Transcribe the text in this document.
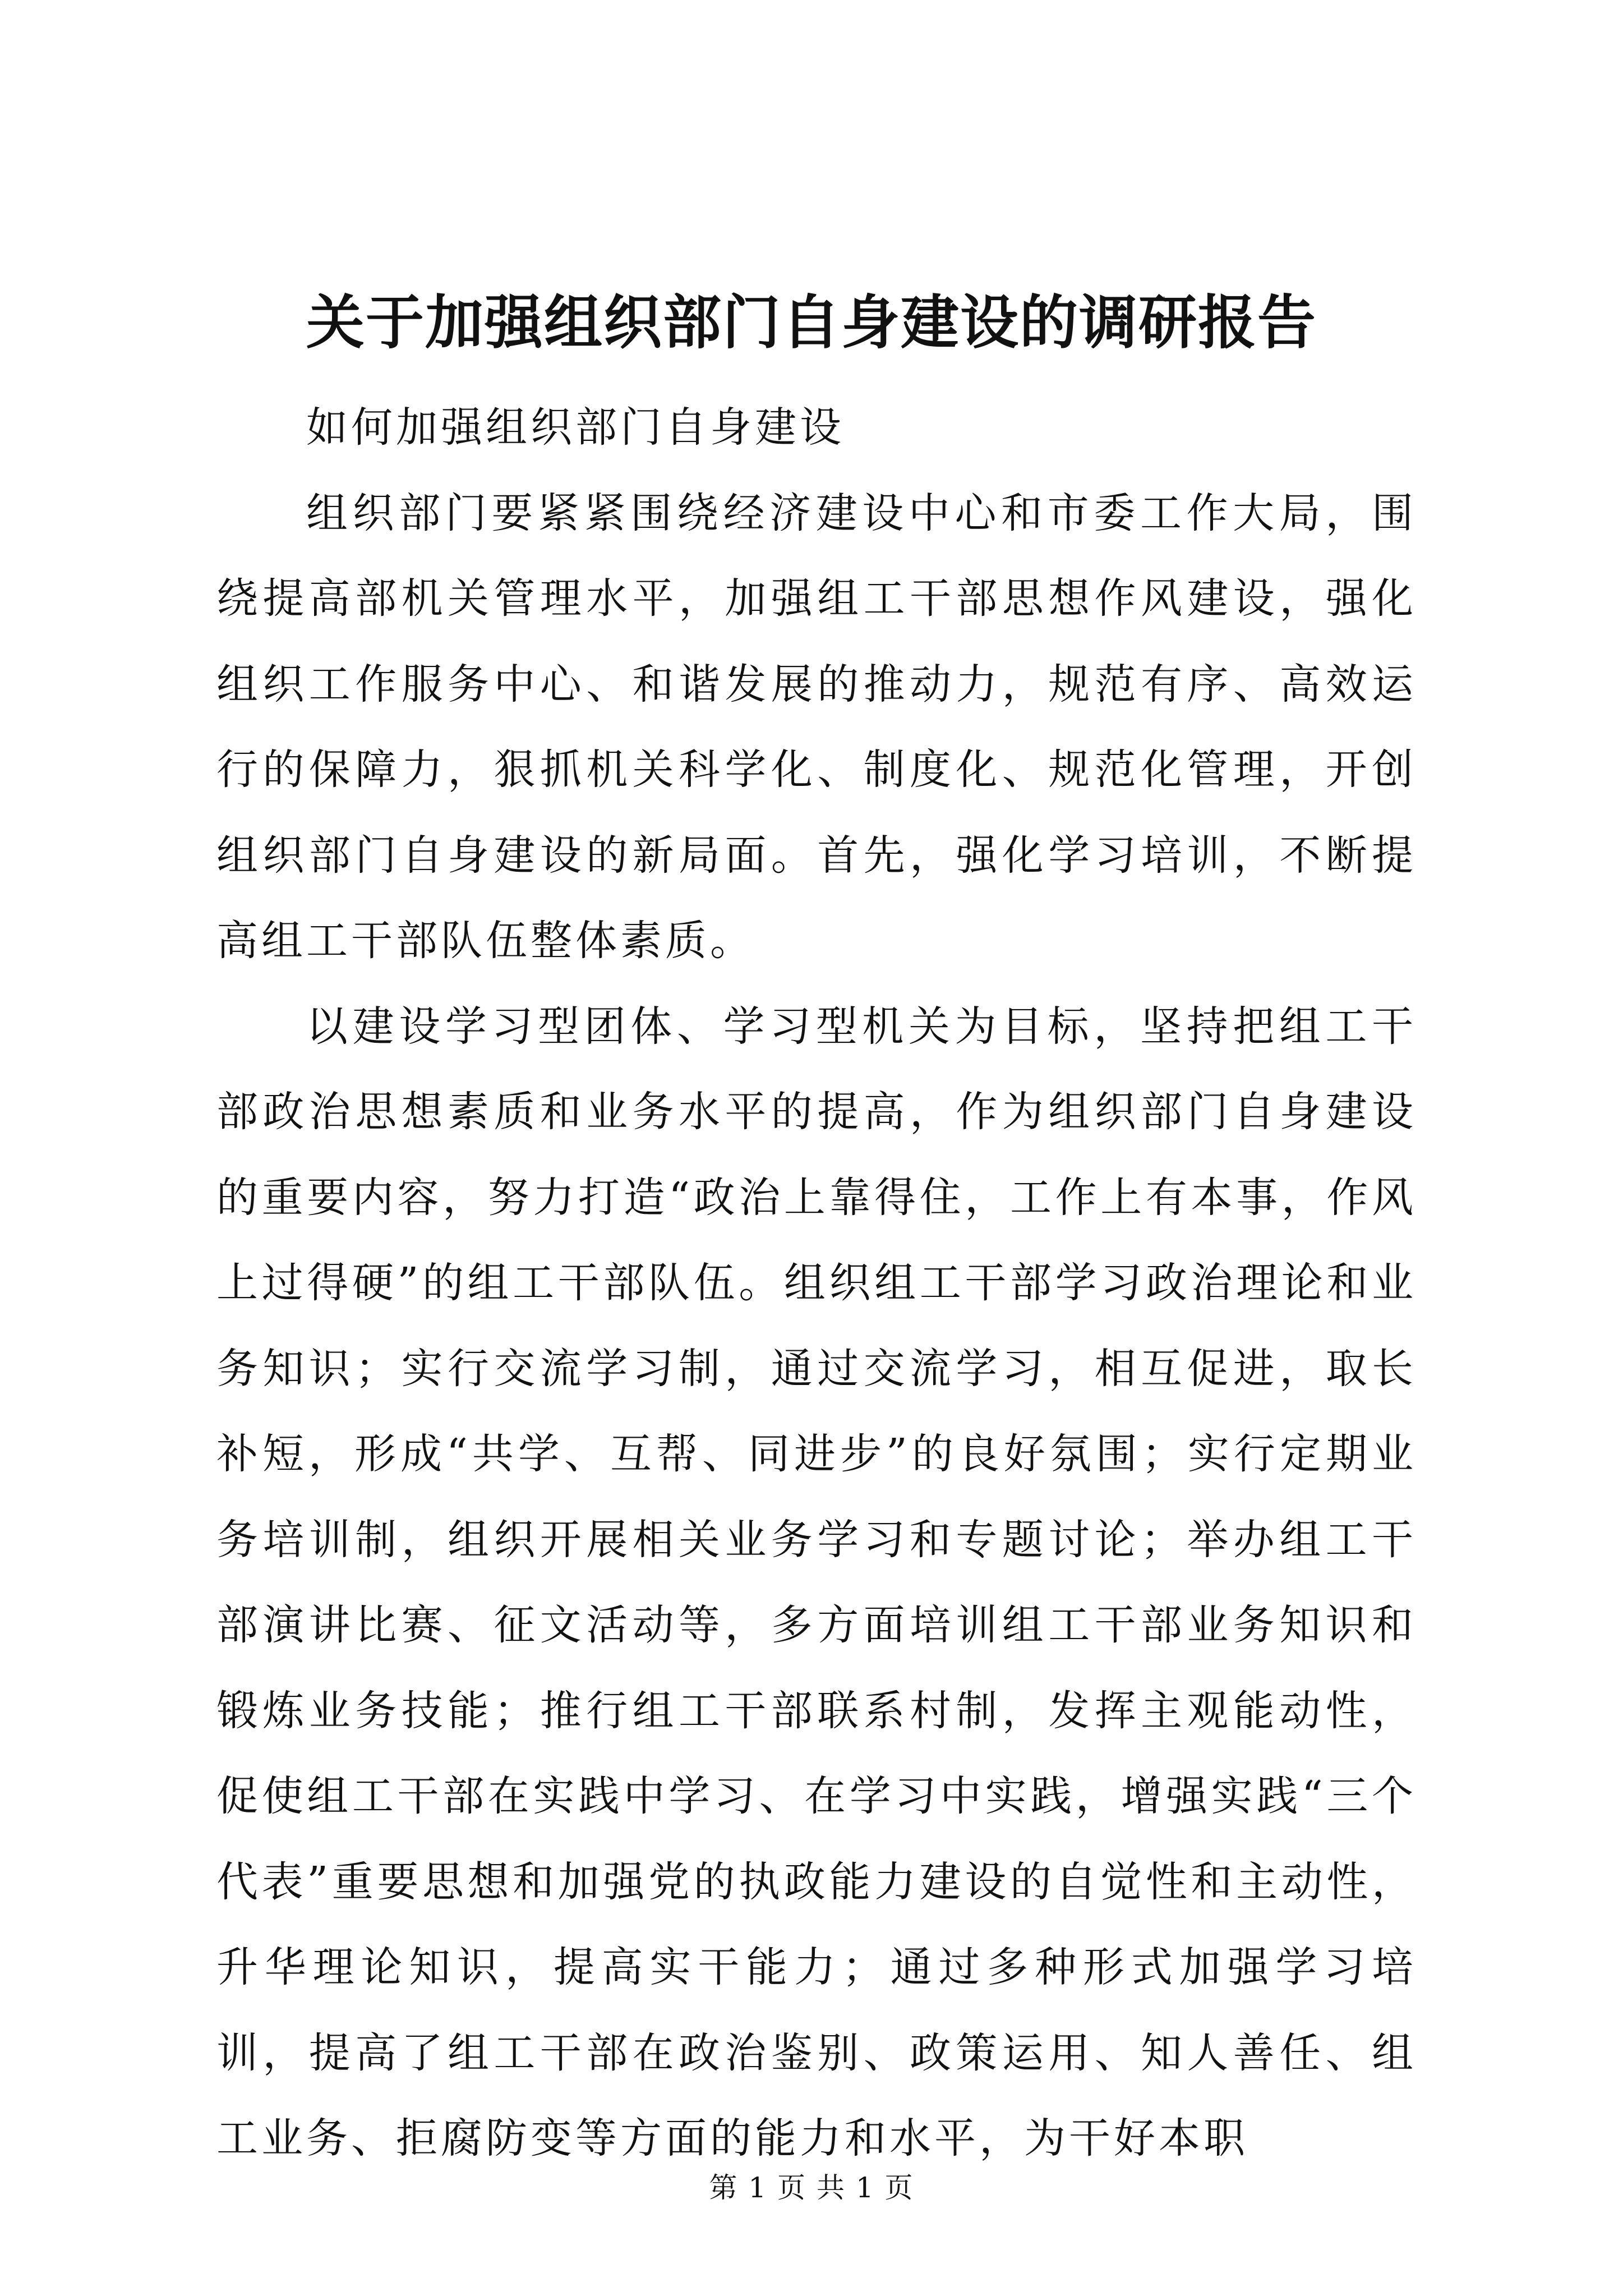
关于加强组织部门自身建设的调研报告

如何加强组织部门自身建设

组织部门要紧紧围绕经济建设中心和市委工作大局，围绕提高部机关管理水平，加强组工干部思想作风建设，强化组织工作服务中心、和谐发展的推动力，规范有序、高效运行的保障力，狠抓机关科学化、制度化、规范化管理，开创组织部门自身建设的新局面。首先，强化学习培训，不断提高组工干部队伍整体素质。

以建设学习型团体、学习型机关为目标，坚持把组工干部政治思想素质和业务水平的提高，作为组织部门自身建设的重要内容，努力打造“政治上靠得住，工作上有本事，作风上过得硬”的组工干部队伍。组织组工干部学习政治理论和业务知识；实行交流学习制，通过交流学习，相互促进，取长补短，形成“共学、互帮、同进步”的良好氛围；实行定期业务培训制，组织开展相关业务学习和专题讨论；举办组工干部演讲比赛、征文活动等，多方面培训组工干部业务知识和锻炼业务技能；推行组工干部联系村制，发挥主观能动性，促使组工干部在实践中学习、在学习中实践，增强实践“三个代表”重要思想和加强党的执政能力建设的自觉性和主动性，升华理论知识，提高实干能力；通过多种形式加强学习培训，提高了组工干部在政治鉴别、政策运用、知人善任、组工业务、拒腐防变等方面的能力和水平，为干好本职

第 1 页 共 1 页
